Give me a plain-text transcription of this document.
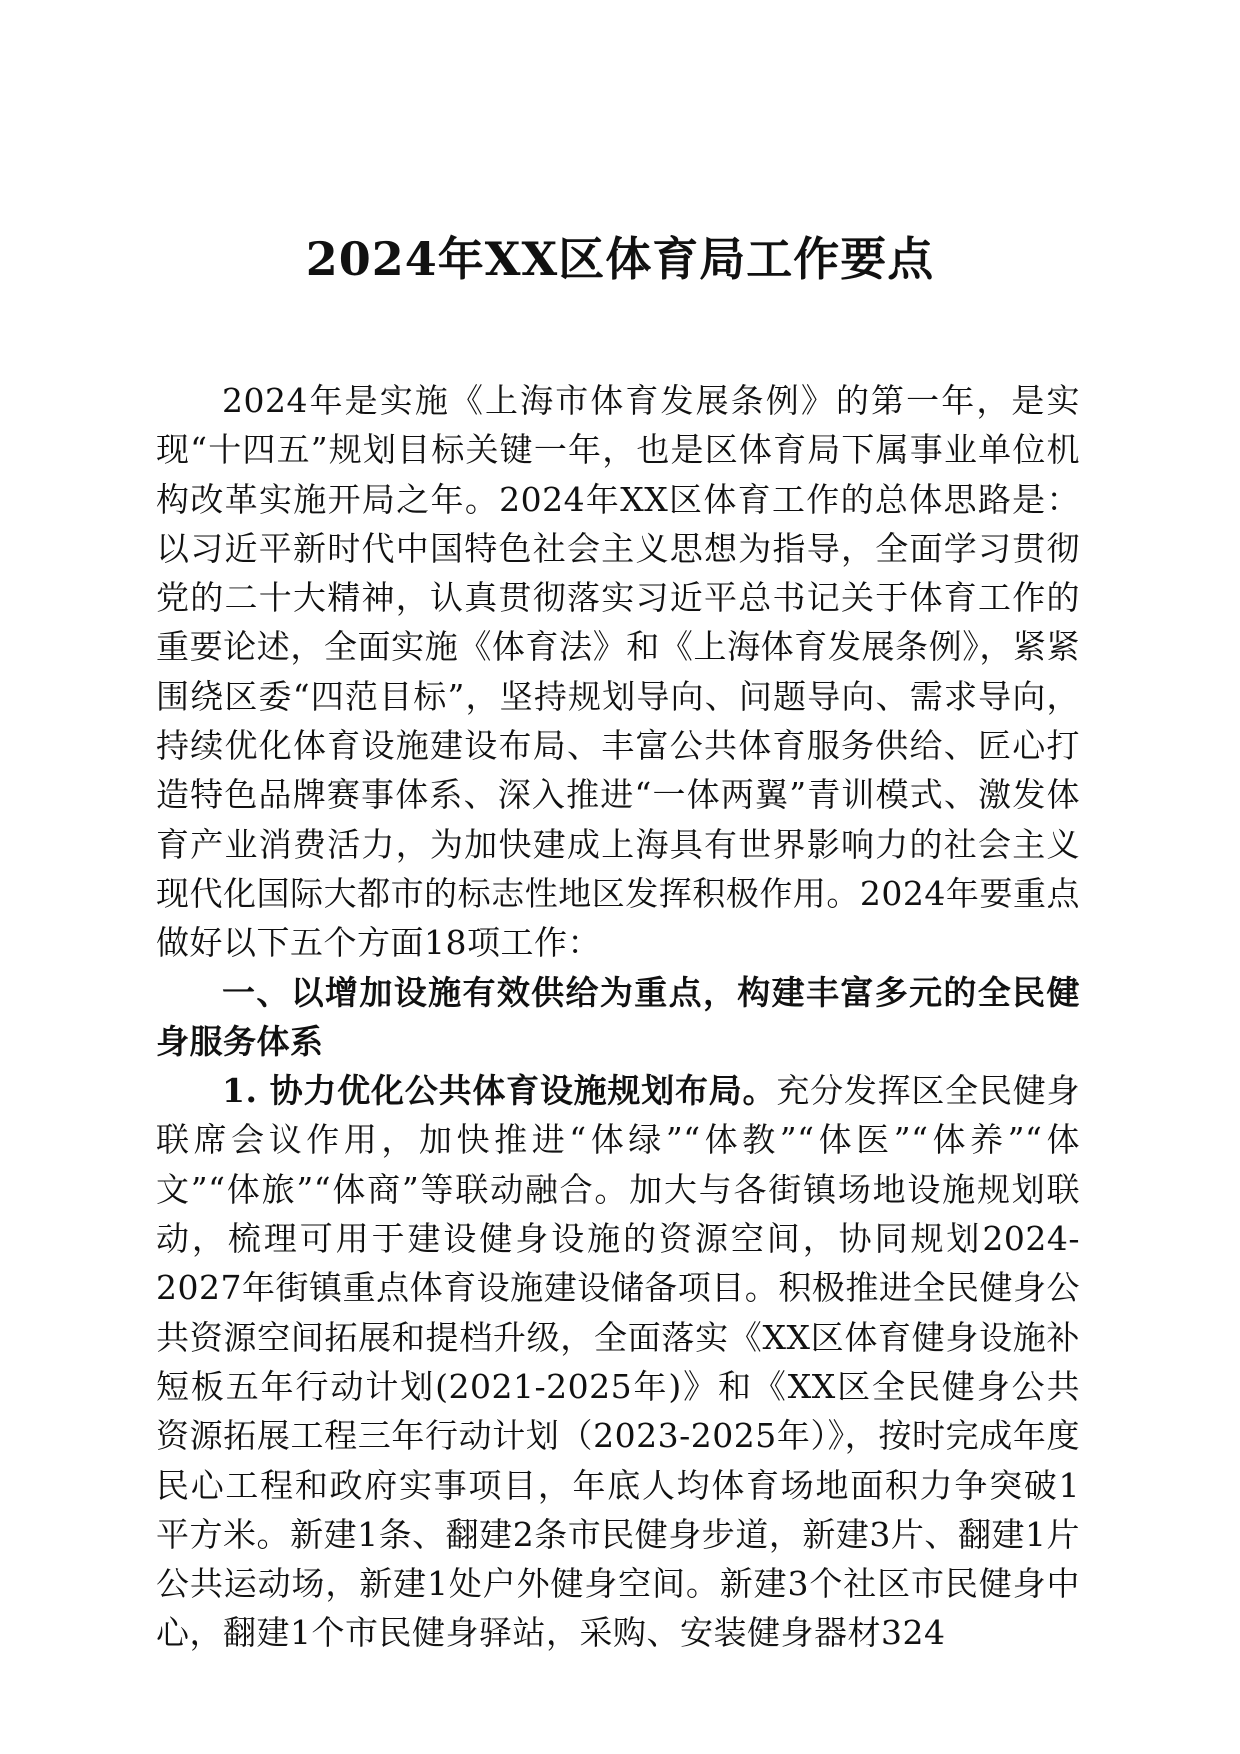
2024年XX区体育局工作要点

2024年是实施《上海市体育发展条例》的第一年，是实现“十四五”规划目标关键一年，也是区体育局下属事业单位机构改革实施开局之年。2024年XX区体育工作的总体思路是：以习近平新时代中国特色社会主义思想为指导，全面学习贯彻党的二十大精神，认真贯彻落实习近平总书记关于体育工作的重要论述，全面实施《体育法》和《上海体育发展条例》，紧紧围绕区委“四范目标”，坚持规划导向、问题导向、需求导向，持续优化体育设施建设布局、丰富公共体育服务供给、匠心打造特色品牌赛事体系、深入推进“一体两翼”青训模式、激发体育产业消费活力，为加快建成上海具有世界影响力的社会主义现代化国际大都市的标志性地区发挥积极作用。2024年要重点做好以下五个方面18项工作：

一、以增加设施有效供给为重点，构建丰富多元的全民健身服务体系

1. 协力优化公共体育设施规划布局。充分发挥区全民健身联席会议作用，加快推进“体绿”“体教”“体医”“体养”“体文”“体旅”“体商”等联动融合。加大与各街镇场地设施规划联动，梳理可用于建设健身设施的资源空间，协同规划2024-2027年街镇重点体育设施建设储备项目。积极推进全民健身公共资源空间拓展和提档升级，全面落实《XX区体育健身设施补短板五年行动计划(2021-2025年)》和《XX区全民健身公共资源拓展工程三年行动计划（2023-2025年）》，按时完成年度民心工程和政府实事项目，年底人均体育场地面积力争突破1平方米。新建1条、翻建2条市民健身步道，新建3片、翻建1片公共运动场，新建1处户外健身空间。新建3个社区市民健身中心，翻建1个市民健身驿站，采购、安装健身器材324
